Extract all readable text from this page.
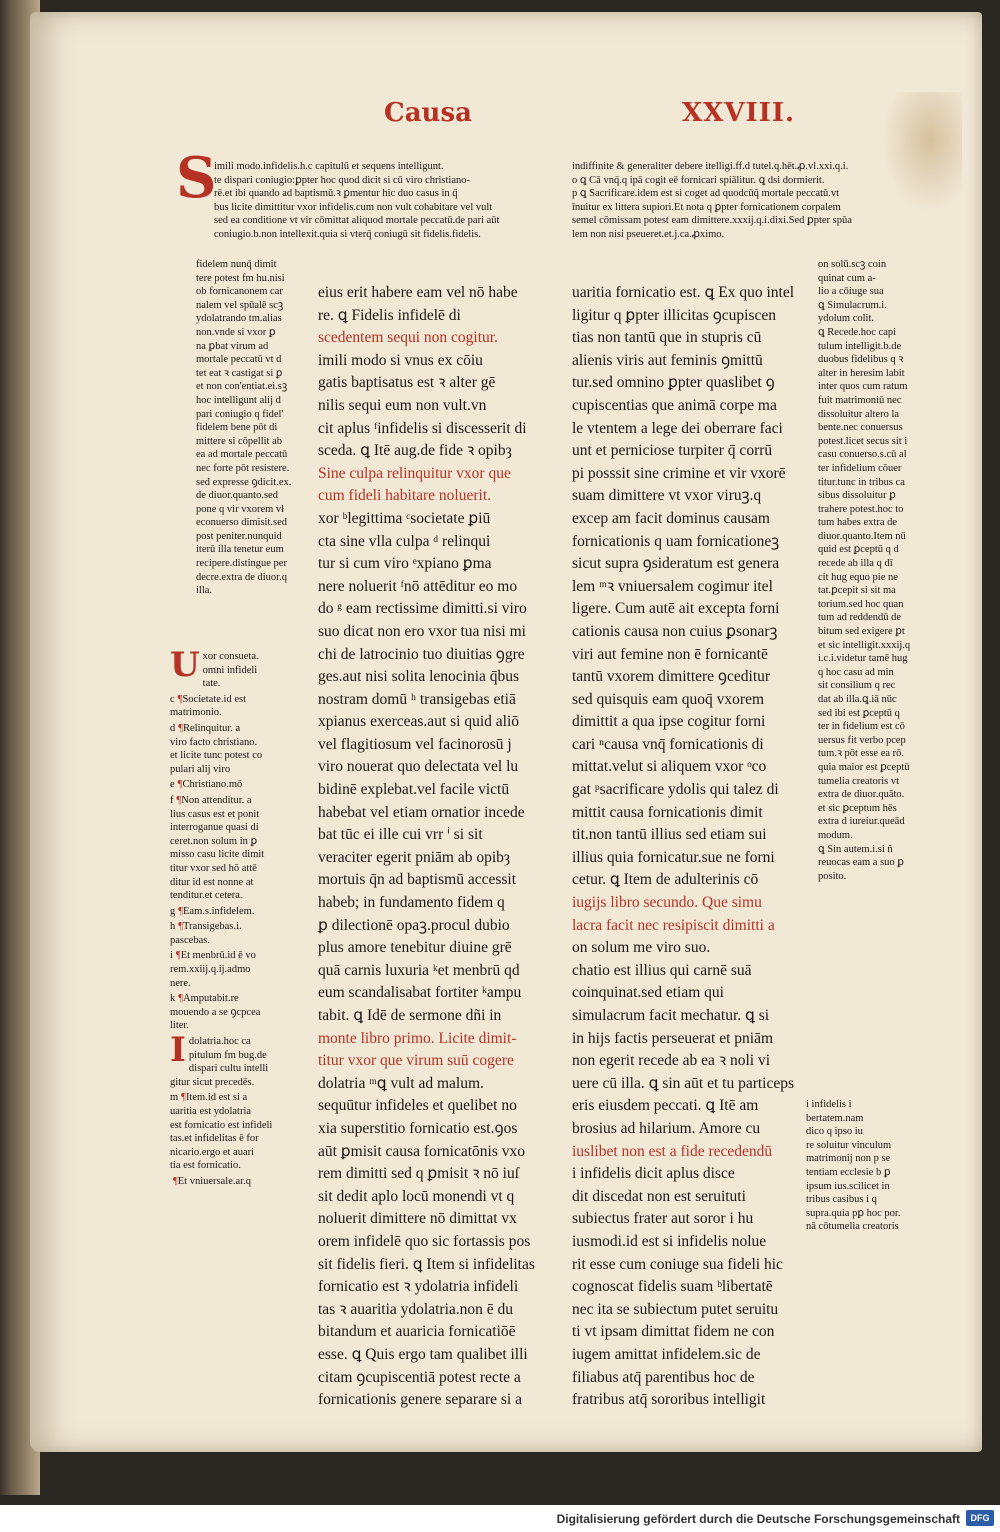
Causa	XXVIII.
S
imili modo.infidelis.h.c capitulū et sequens intelligunt.
te dispari coniugio:ꝑpter hoc quod dicit si cū viro christiano-
rē.et ibi quando ad baptismū.ꝛ ꝑmentur hic duo casus in q̄
bus licite dimittitur vxor infidelis.cum non vult cohabitare vel vult
sed ea conditione vt vir cōmittat aliquod mortale peccatū.de pari aūt
coniugio.b.non intellexit.quia si vterq̄ coniugū sit fidelis.fidelis.
indiffinite & generaliter debere itelligi.ff.d tutel.q.hēt.ꝓ.vl.xxi.q.i.
o ꝗ Cā vnq̄.q ipā cogit eē fornicari spiālitur. ꝗ dsi dormierit.
p ꝗ Sacrificare.idem est si coget ad quodcūq̄ mortale peccatū.vt
īnuitur ex littera supiori.Et nota q ꝑpter fornicationem corpalem
semel cōmissam potest eam dimittere.xxxij.q.i.dixi.Sed ꝑpter spūa
lem non nisi pseueret.et.j.ca.ꝓximo.
fidelem nunq̄ dimit
tere potest fm hu.nisi
ob fornicanonem car
nalem vel spūalē scꝫ
ydolatrando tm.alias
non.vnde si vxor ꝑ
na ꝑbat virum ad
mortale peccatū vt d
tet eat ꝛ castigat si ꝑ
et non con'entiat.ei.sꝫ
hoc intelligunt alij d
pari coniugio q fidel'
fidelem bene pōt di
mittere si cōpellit ab
ea ad mortale peccatū
nec forte pōt resistere.
sed expresse ꝯdicit.ex.
de diuor.quanto.sed
pone q vir vxorem vł
econuerso dimisit.sed
post peniter.nunquid
iterū illa tenetur eum
recipere.distingue per
decre.extra de diuor.q
illa.
U xor consueta.
omni infideli
tate.
c ¶Societate.id est
matrimonio.
d ¶Relinquitur. a
viro facto christiano.
et licite tunc potest co
pulari alij viro
e ¶Christiano.mō
f ¶Non attenditur. a
lius casus est et ponit
interroganue quasi di
ceret.non solum in ꝑ
misso casu licite dimit
titur vxor sed hō attē
ditur id est nonne at
tenditur.et cetera.
g ¶Eam.s.infidelem.
h ¶Transigebas.i.
pascebas.
i ¶Et menbrū.id ē vo
rem.xxiij.q.ij.admo
nere.
k ¶Amputabit.re
mouendo a se ꝯcpcea
liter.
I dolatria.hoc ca
pitulum fm bug.de
dispari cultu intelli
gitur sicut precedēs.
m ¶Item.id est si a
uaritia est ydolatria
est fornicatio est infideli
tas.et infidelitas ē for
nicario.ergo et auari
tia est fornicatio.
¶Et vniuersale.ar.q
eius erit habere eam vel nō habe
re. ꝗ Fidelis infidelē di
scedentem sequi non cogitur.
imili modo si vnus ex cōiu
gatis baptisatus est ꝛ alter gē
nilis sequi eum non vult.vn
cit aplus ᶠinfidelis si discesserit di
sceda. ꝗ Itē aug.de fide ꝛ opibȝ
Sine culpa relinquitur vxor que
cum fideli habitare noluerit.
xor ᵇlegittima ᶜsocietate ꝑiū
cta sine vlla culpa ᵈ relinqui
tur si cum viro ᵉxpiano ꝑma
nere noluerit ᶠnō attēditur eo mo
do ᵍ eam rectissime dimitti.si viro
suo dicat non ero vxor tua nisi mi
chi de latrocinio tuo diuitias ꝯgre
ges.aut nisi solita lenocinia q̄bus
nostram domū ʰ transigebas etiā
xpianus exerceas.aut si quid aliō
vel flagitiosum vel facinorosū j
viro nouerat quo delectata vel lu
bidinē explebat.vel facile victū
habebat vel etiam ornatior incede
bat tūc ei ille cui vrr ⁱ si sit
veraciter egerit pniām ab opibȝ
mortuis q̄n ad baptismū accessit
habeb; in fundamento fidem q
ꝑ dilectionē opaꝫ.procul dubio
plus amore tenebitur diuine grē
quā carnis luxuria ᵏet menbrū qd
eum scandalisabat fortiter ᵏampu
tabit. ꝗ Idē de sermone dñi in
monte libro primo. Licite dimit-
titur vxor que virum suū cogere
dolatria ᵐꝗ vult ad malum.
sequūtur infideles et quelibet no
xia superstitio fornicatio est.ꝯos
aūt ꝑmisit causa fornicatōnis vxo
rem dimitti sed q ꝑmisit ꝛ nō iuſ
sit dedit aplo locū monendi vt q
noluerit dimittere nō dimittat vx
orem infidelē quo sic fortassis pos
sit fidelis fieri. ꝗ Item si infidelitas
fornicatio est ꝛ ydolatria infideli
tas ꝛ auaritia ydolatria.non ē du
bitandum et auaricia fornicatiōē
esse. ꝗ Quis ergo tam qualibet illi
citam ꝯcupiscentiā potest recte a
fornicationis genere separare si a
uaritia fornicatio est. ꝗ Ex quo intel
ligitur q ꝑpter illicitas ꝯcupiscen
tias non tantū que in stupris cū
alienis viris aut feminis ꝯmittū
tur.sed omnino ꝑpter quaslibet ꝯ
cupiscentias que animā corpe ma
le vtentem a lege dei oberrare faci
unt et perniciose turpiter q̄ corrū
pi posssit sine crimine et vir vxorē
suam dimittere vt vxor viruꝫ.q
excep am facit dominus causam
fornicationis q uam fornicationeꝫ
sicut supra ꝯsideratum est genera
lem ᵐꝛ vniuersalem cogimur itel
ligere. Cum autē ait excepta forni
cationis causa non cuius ꝑsonarꝫ
viri aut femine non ē fornicantē
tantū vxorem dimittere ꝯceditur
sed quisquis eam quoq̄ vxorem
dimittit a qua ipse cogitur forni
cari ⁿcausa vnq̄ fornicationis di
mittat.velut si aliquem vxor ᵒco
gat ᵖsacrificare ydolis qui talez di
mittit causa fornicationis dimit
tit.non tantū illius sed etiam sui
illius quia fornicatur.sue ne forni
cetur. ꝗ Item de adulterinis cō
iugijs libro secundo. Que simu
lacra facit nec resipiscit dimitti a
on solum me viro suo.
chatio est illius qui carnē suā
coinquinat.sed etiam qui
simulacrum facit mechatur. ꝗ si
in hijs factis perseuerat et pniām
non egerit recede ab ea ꝛ noli vi
uere cū illa. ꝗ sin aūt et tu particeps
eris eiusdem peccati. ꝗ Itē am
brosius ad hilarium. Amore cu
iuslibet non est a fide recedendū
i infidelis dicit aplus disce
dit discedat non est seruituti
subiectus frater aut soror i hu
iusmodi.id est si infidelis nolue
rit esse cum coniuge sua fideli hic
cognoscat fidelis suam ᵇlibertatē
nec ita se subiectum putet seruitu
ti vt ipsam dimittat fidem ne con
iugem amittat infidelem.sic de
filiabus atq̄ parentibus hoc de
fratribus atq̄ sororibus intelligit
on solū.scꝫ coin
quinat cum a-
lio a cōiuge sua
ꝗ Simulacrum.i.
ydolum colit.
ꝗ Recede.hoc capi
tulum intelligit.b.de
duobus fidelibus q ꝛ
alter in heresim labit
inter quos cum ratum
fuit matrimoniū nec
dissoluitur altero la
bente.nec conuersus
potest.licet secus sit i
casu conuerso.s.cū al
ter infidelium cōuer
titur.tunc in tribus ca
sibus dissoluitur ꝑ
trahere potest.hoc to
tum habes extra de
diuor.quanto.Item nū
quid est ꝑceptū q d
recede ab illa q dī
cit hug equo pie ne
tat.ꝑcepit si sit ma
torium.sed hoc quan
tum ad reddendū de
bitum sed exigere ꝑt
et sic intelligit.xxxij.q
i.c.i.videtur tamē hug
q hoc casu ad min
sit consilium q rec
dat ab illa.ꝗ.iā nūc
sed ibi est ꝑceptū q
ter in fidelium est cō
uersus fit verbo pcep
tum.ꝛ pōt esse ea rō.
quia maior est ꝑceptū
tumelia creatoris vt
extra de diuor.quāto.
et sic ꝑceptum hēs
extra d iureiur.queād
modum.
ꝗ Sin autem.i.si ñ
reuocas eam a suo ꝑ
posito.
i infidelis i
bertatem.nam
dico q ipso iu
re soluitur vinculum
matrimonij non p se
tentiam ecclesie b ꝑ
ipsum ius.scilicet in
tribus casibus i q
supra.quia pꝑ hoc por.
nā cōtumelia creatoris
Digitalisierung gefördert durch die Deutsche Forschungsgemeinschaft	DFG
